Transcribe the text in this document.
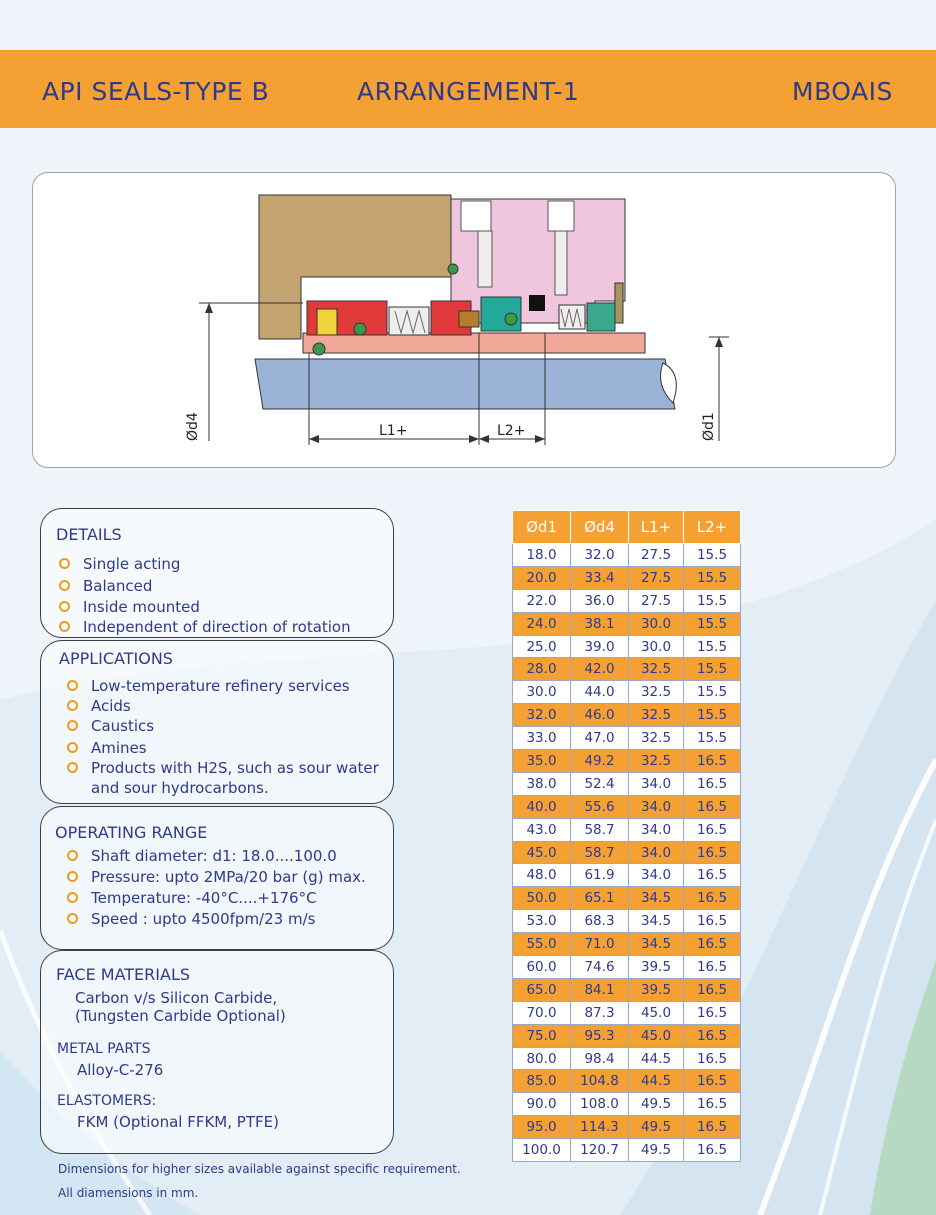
API SEALS-TYPE B	ARRANGEMENT-1	MBOAIS
Ød4	Ød1
L1+	L2+
DETAILS
Single acting
Balanced
Inside mounted
Independent of direction of rotation
APPLICATIONS
Low-temperature refinery services
Acids
Caustics
Amines
Products with H2S, such as sour water
and sour hydrocarbons.
OPERATING RANGE
Shaft diameter: d1: 18.0....100.0
Pressure: upto 2MPa/20 bar (g) max.
Temperature: -40°C....+176°C
Speed : upto 4500fpm/23 m/s
FACE MATERIALS
Carbon v/s Silicon Carbide,
(Tungsten Carbide Optional)
METAL PARTS
Alloy-C-276
ELASTOMERS:
FKM (Optional FFKM, PTFE)
Ød1	Ød4	L1+	L2+
18.0	32.0	27.5	15.5
20.0	33.4	27.5	15.5
22.0	36.0	27.5	15.5
24.0	38.1	30.0	15.5
25.0	39.0	30.0	15.5
28.0	42.0	32.5	15.5
30.0	44.0	32.5	15.5
32.0	46.0	32.5	15.5
33.0	47.0	32.5	15.5
35.0	49.2	32.5	16.5
38.0	52.4	34.0	16.5
40.0	55.6	34.0	16.5
43.0	58.7	34.0	16.5
45.0	58.7	34.0	16.5
48.0	61.9	34.0	16.5
50.0	65.1	34.5	16.5
53.0	68.3	34.5	16.5
55.0	71.0	34.5	16.5
60.0	74.6	39.5	16.5
65.0	84.1	39.5	16.5
70.0	87.3	45.0	16.5
75.0	95.3	45.0	16.5
80.0	98.4	44.5	16.5
85.0	104.8	44.5	16.5
90.0	108.0	49.5	16.5
95.0	114.3	49.5	16.5
100.0	120.7	49.5	16.5
Dimensions for higher sizes available against specific requirement.
All diamensions in mm.
